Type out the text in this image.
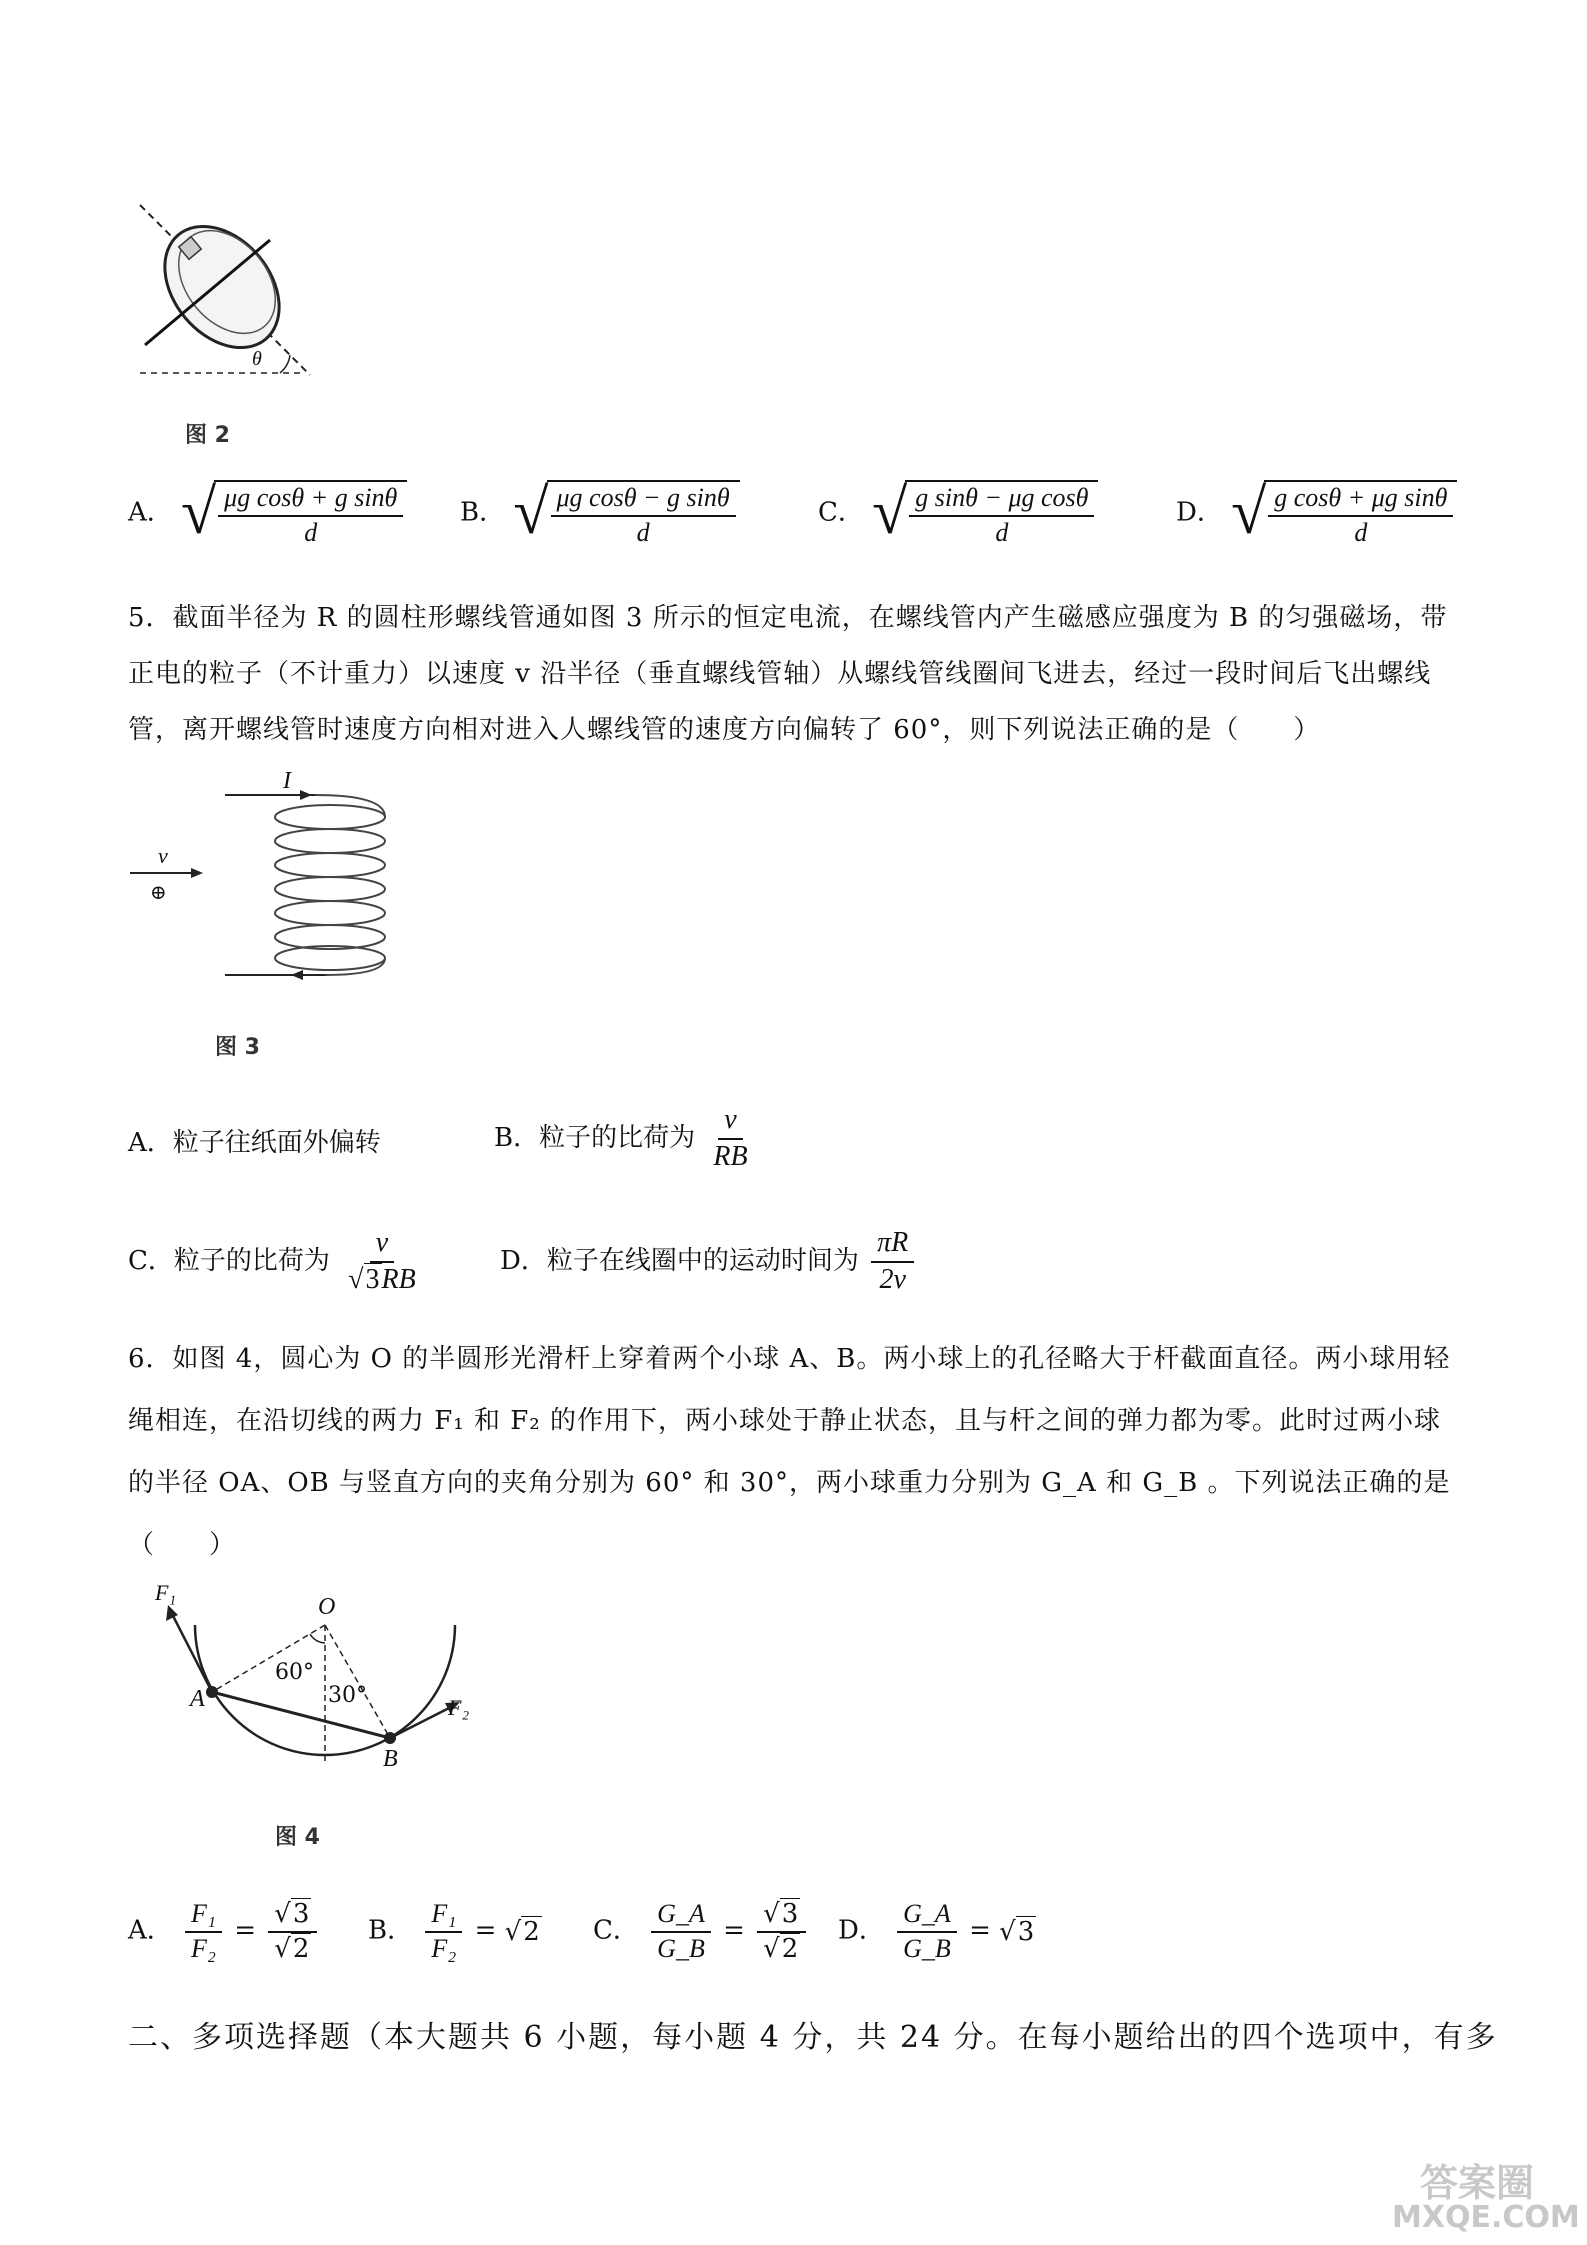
θ
图 2
A． √ $\frac{\text{μg cosθ + g sinθ}}{d}$ B． √ $\frac{\text{μg cosθ − g sinθ}}{d}$	C． √ $\frac{\text{g sinθ − μg cosθ}}{d}$	D． √ $\frac{\text{g cosθ + μg sinθ}}{d}$
5．截面半径为 R 的圆柱形螺线管通如图 3 所示的恒定电流，在螺线管内产生磁感应强度为 B 的匀强磁场，带
正电的粒子（不计重力）以速度 v 沿半径（垂直螺线管轴）从螺线管线圈间飞进去，经过一段时间后飞出螺线
管，离开螺线管时速度方向相对进入人螺线管的速度方向偏转了 60°，则下列说法正确的是（　　）
I
v
⊕
图 3
A．粒子往纸面外偏转	B．粒子的比荷为 $\frac{v}{RB}$
C．粒子的比荷为 $\frac{v}{√3RB}$	D．粒子在线圈中的运动时间为 $\frac{\pi R}{2v}$
6．如图 4，圆心为 O 的半圆形光滑杆上穿着两个小球 A、B。两小球上的孔径略大于杆截面直径。两小球用轻
绳相连，在沿切线的两力 F₁ 和 F₂ 的作用下，两小球处于静止状态，且与杆之间的弹力都为零。此时过两小球
的半径 OA、OB 与竖直方向的夹角分别为 60° 和 30°，两小球重力分别为 G_A 和 G_B 。下列说法正确的是（　　）
O
A
B
F₁
F₂
60°
30°
图 4
A． $\frac{\text{F₁}}{\text{F₂}} = \frac{√3}{√2}$ B． $\frac{\text{F₁}}{\text{F₂}} = √2$ C． $\frac{G\_A}{G\_B} = \frac{√3}{√2}$ D． $\frac{G\_A}{G\_B} = √3$
二、多项选择题（本大题共 6 小题，每小题 4 分，共 24 分。在每小题给出的四个选项中，有多
答案圈
MXQE.COM
